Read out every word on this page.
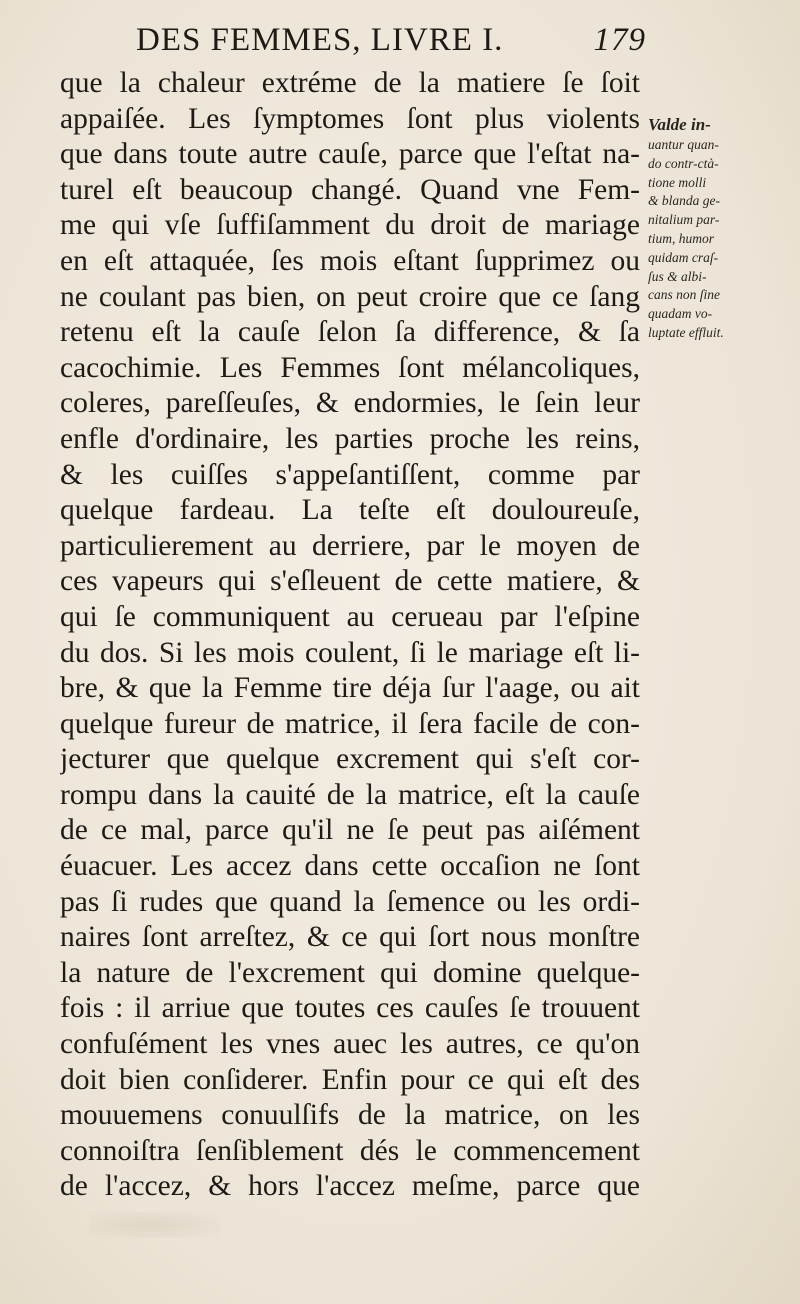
DES FEMMES, LIVRE I.	179
que la chaleur extréme de la matiere ſe ſoit
appaiſée. Les ſymptomes ſont plus violents
que dans toute autre cauſe, parce que l'eſtat na-
turel eſt beaucoup changé. Quand vne Fem-
me qui vſe ſuffiſamment du droit de mariage
en eſt attaquée, ſes mois eſtant ſupprimez ou
ne coulant pas bien, on peut croire que ce ſang
retenu eſt la cauſe ſelon ſa difference, & ſa
cacochimie. Les Femmes ſont mélancoliques,
coleres, pareſſeuſes, & endormies, le ſein leur
enfle d'ordinaire, les parties proche les reins,
& les cuiſſes s'appeſantiſſent, comme par
quelque fardeau. La teſte eſt douloureuſe,
particulierement au derriere, par le moyen de
ces vapeurs qui s'eſleuent de cette matiere, &
qui ſe communiquent au cerueau par l'eſpine
du dos. Si les mois coulent, ſi le mariage eſt li-
bre, & que la Femme tire déja ſur l'aage, ou ait
quelque fureur de matrice, il ſera facile de con-
jecturer que quelque excrement qui s'eſt cor-
rompu dans la cauité de la matrice, eſt la cauſe
de ce mal, parce qu'il ne ſe peut pas aiſément
éuacuer. Les accez dans cette occaſion ne ſont
pas ſi rudes que quand la ſemence ou les ordi-
naires ſont arreſtez, & ce qui ſort nous monſtre
la nature de l'excrement qui domine quelque-
fois : il arriue que toutes ces cauſes ſe trouuent
confuſément les vnes auec les autres, ce qu'on
doit bien conſiderer. Enfin pour ce qui eſt des
mouuemens conuulſifs de la matrice, on les
connoiſtra ſenſiblement dés le commencement
de l'accez, & hors l'accez meſme, parce que
Valde in-
uantur quan-
do contr-ctà-
tione molli
& blanda ge-
nitalium par-
tium, humor
quidam craſ-
ſus & albi-
cans non ſine
quadam vo-
luptate effluit.
